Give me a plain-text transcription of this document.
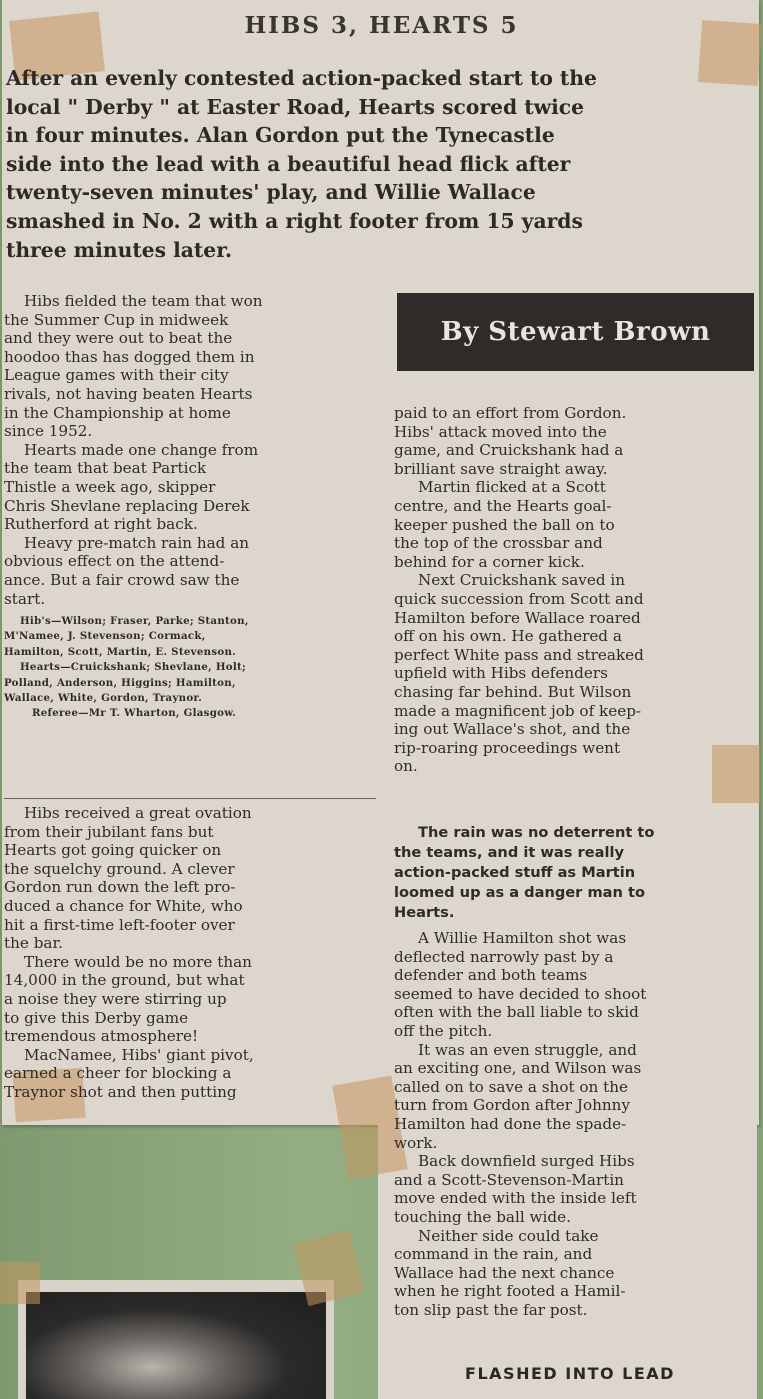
HIBS 3, HEARTS 5
After an evenly contested action-packed start to the
local " Derby " at Easter Road, Hearts scored twice
in four minutes. Alan Gordon put the Tynecastle
side into the lead with a beautiful head flick after
twenty-seven minutes' play, and Willie Wallace
smashed in No. 2 with a right footer from 15 yards
three minutes later.
By Stewart Brown
Hibs fielded the team that won
the Summer Cup in midweek
and they were out to beat the
hoodoo thas has dogged them in
League games with their city
rivals, not having beaten Hearts
in the Championship at home
since 1952.
Hearts made one change from
the team that beat Partick
Thistle a week ago, skipper
Chris Shevlane replacing Derek
Rutherford at right back.
Heavy pre-match rain had an
obvious effect on the attend-
ance. But a fair crowd saw the
start.
Hib's—Wilson; Fraser, Parke; Stanton,
M'Namee, J. Stevenson; Cormack,
Hamilton, Scott, Martin, E. Stevenson.
Hearts—Cruickshank; Shevlane, Holt;
Polland, Anderson, Higgins; Hamilton,
Wallace, White, Gordon, Traynor.
Referee—Mr T. Wharton, Glasgow.
Hibs received a great ovation
from their jubilant fans but
Hearts got going quicker on
the squelchy ground. A clever
Gordon run down the left pro-
duced a chance for White, who
hit a first-time left-footer over
the bar.
There would be no more than
14,000 in the ground, but what
a noise they were stirring up
to give this Derby game
tremendous atmosphere!
MacNamee, Hibs' giant pivot,
earned a cheer for blocking a
Traynor shot and then putting
paid to an effort from Gordon.
Hibs' attack moved into the
game, and Cruickshank had a
brilliant save straight away.
Martin flicked at a Scott
centre, and the Hearts goal-
keeper pushed the ball on to
the top of the crossbar and
behind for a corner kick.
Next Cruickshank saved in
quick succession from Scott and
Hamilton before Wallace roared
off on his own. He gathered a
perfect White pass and streaked
upfield with Hibs defenders
chasing far behind. But Wilson
made a magnificent job of keep-
ing out Wallace's shot, and the
rip-roaring proceedings went
on.
The rain was no deterrent to
the teams, and it was really
action-packed stuff as Martin
loomed up as a danger man to
Hearts.
A Willie Hamilton shot was
deflected narrowly past by a
defender and both teams
seemed to have decided to shoot
often with the ball liable to skid
off the pitch.
It was an even struggle, and
an exciting one, and Wilson was
called on to save a shot on the
turn from Gordon after Johnny
Hamilton had done the spade-
work.
Back downfield surged Hibs
and a Scott-Stevenson-Martin
move ended with the inside left
touching the ball wide.
Neither side could take
command in the rain, and
Wallace had the next chance
when he right footed a Hamil-
ton slip past the far post.
FLASHED INTO LEAD
